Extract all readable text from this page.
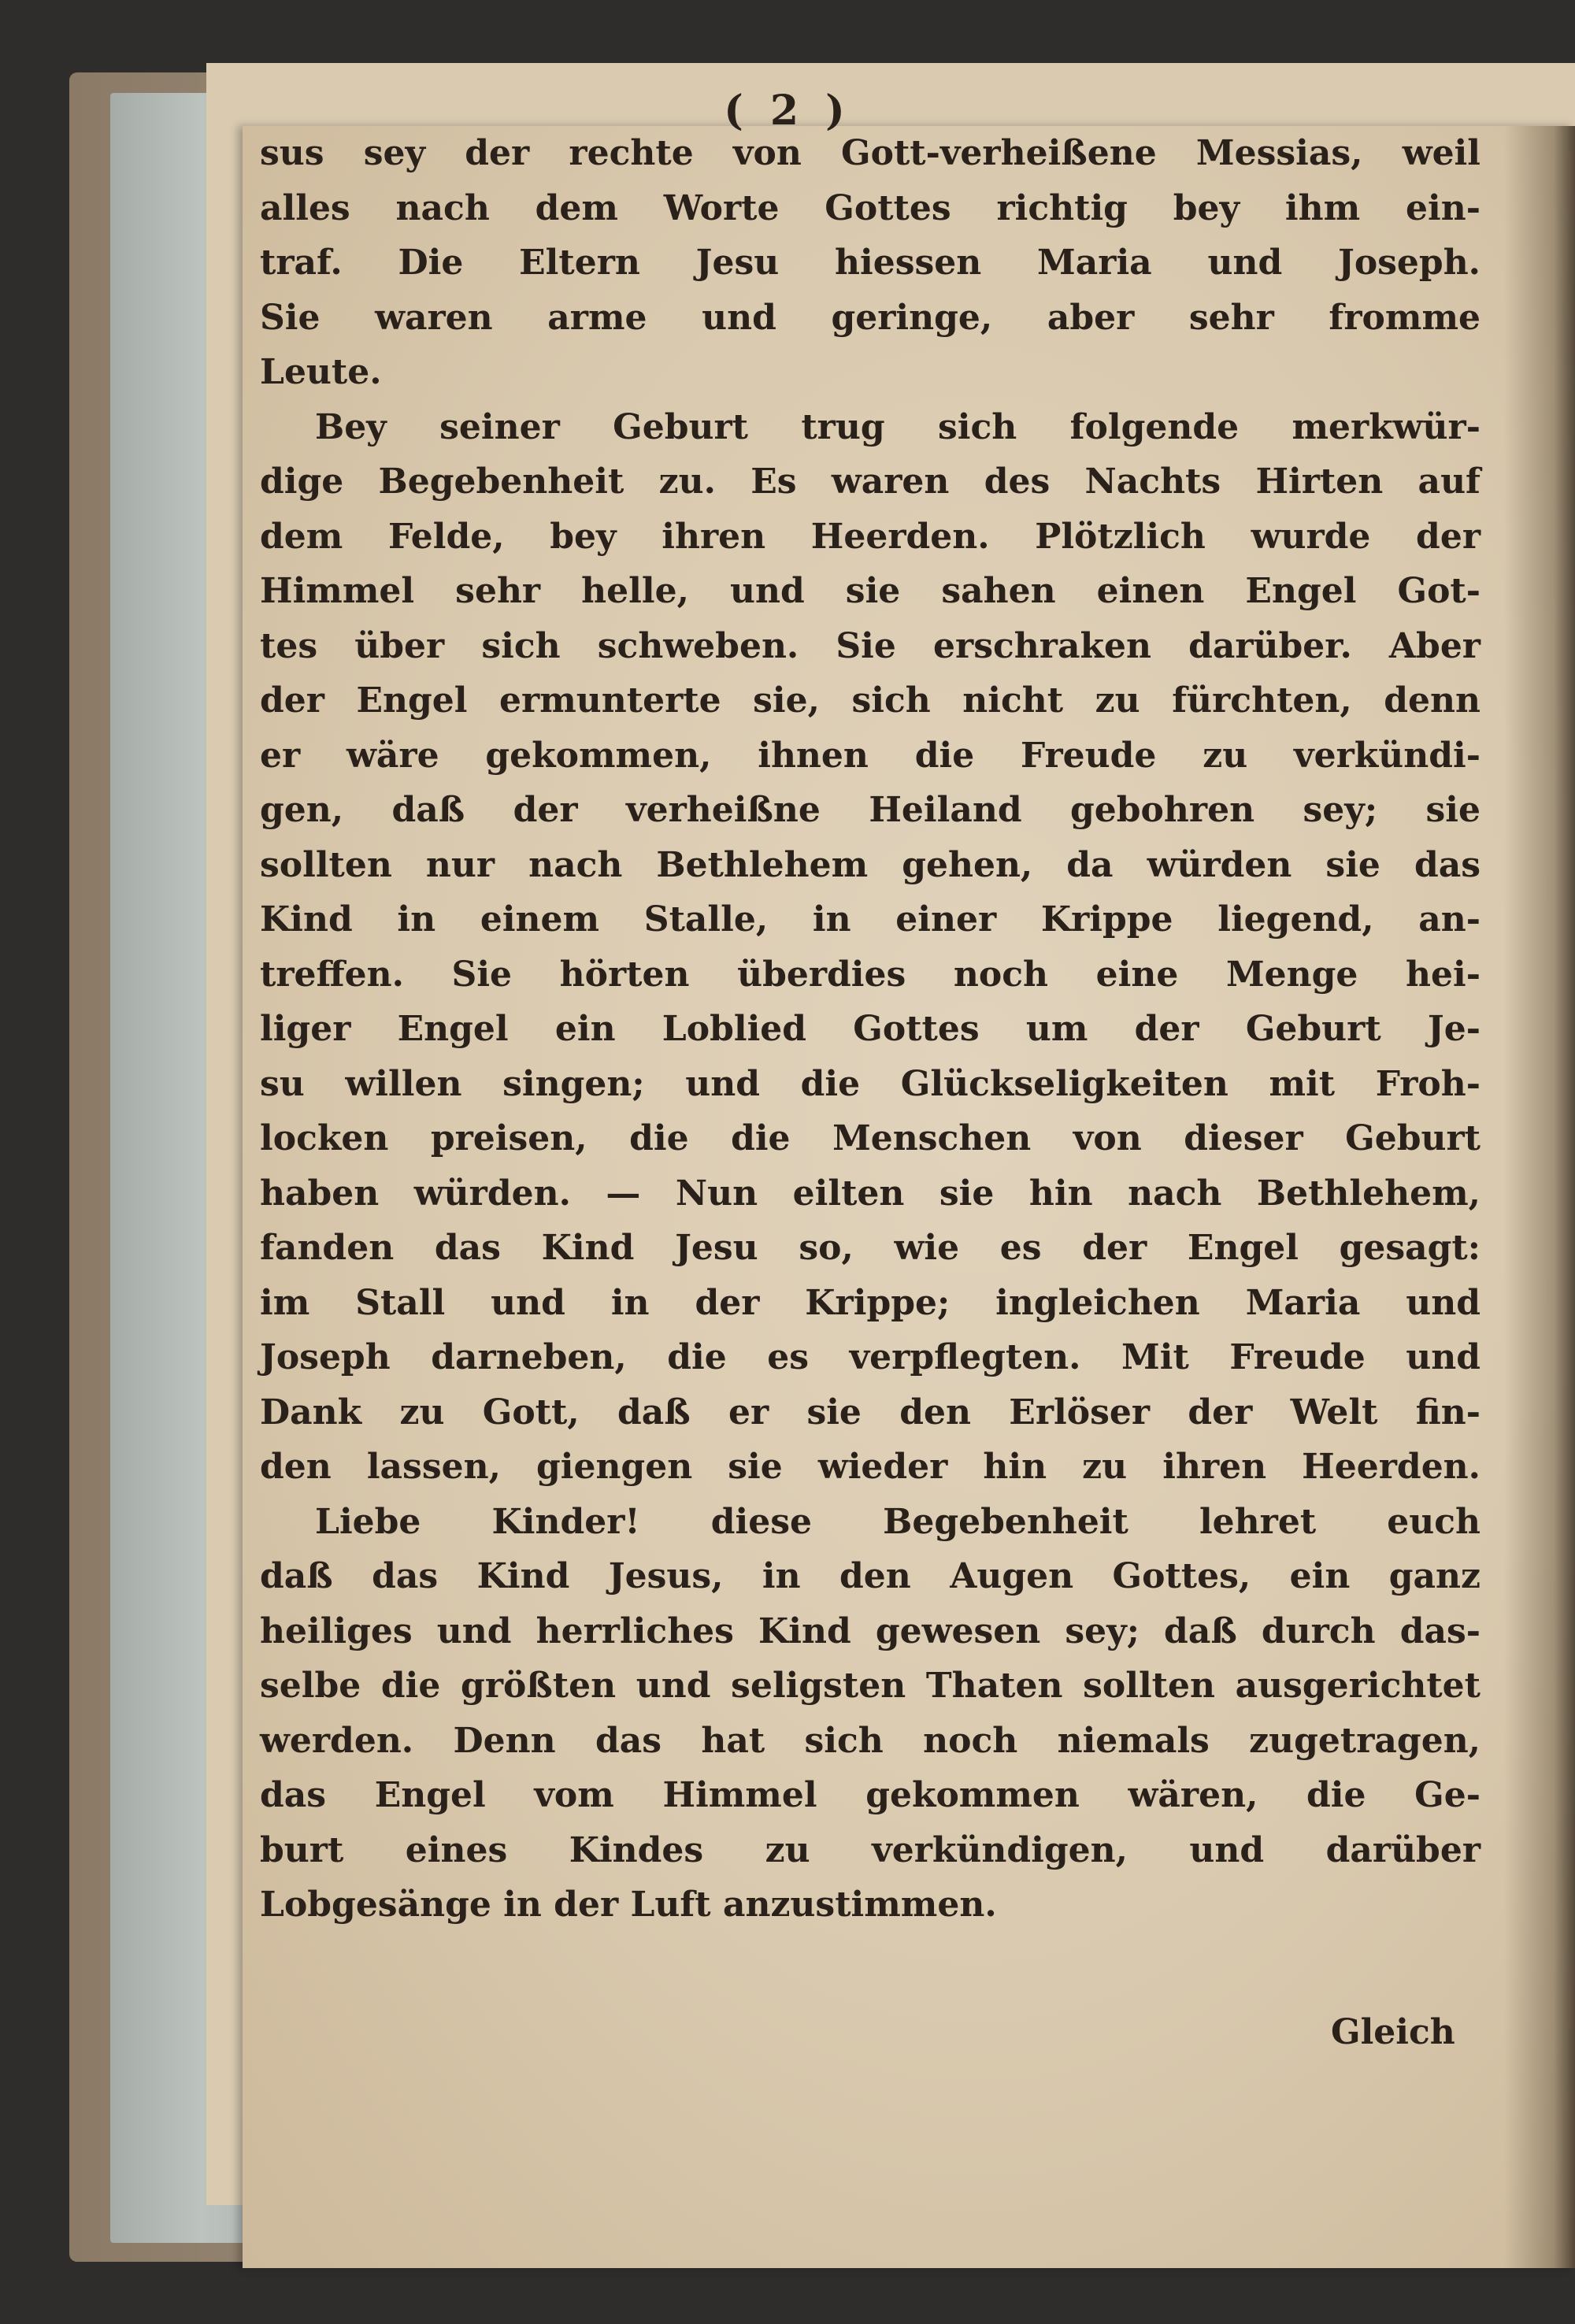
( 2 )
sus sey der rechte von Gott-verheißene Messias, weil
alles nach dem Worte Gottes richtig bey ihm ein-
traf. Die Eltern Jesu hiessen Maria und Joseph.
Sie waren arme und geringe, aber sehr fromme
Leute.
Bey seiner Geburt trug sich folgende merkwür-
dige Begebenheit zu. Es waren des Nachts Hirten auf
dem Felde, bey ihren Heerden. Plötzlich wurde der
Himmel sehr helle, und sie sahen einen Engel Got-
tes über sich schweben. Sie erschraken darüber. Aber
der Engel ermunterte sie, sich nicht zu fürchten, denn
er wäre gekommen, ihnen die Freude zu verkündi-
gen, daß der verheißne Heiland gebohren sey; sie
sollten nur nach Bethlehem gehen, da würden sie das
Kind in einem Stalle, in einer Krippe liegend, an-
treffen. Sie hörten überdies noch eine Menge hei-
liger Engel ein Loblied Gottes um der Geburt Je-
su willen singen; und die Glückseligkeiten mit Froh-
locken preisen, die die Menschen von dieser Geburt
haben würden. — Nun eilten sie hin nach Bethlehem,
fanden das Kind Jesu so, wie es der Engel gesagt:
im Stall und in der Krippe; ingleichen Maria und
Joseph darneben, die es verpflegten. Mit Freude und
Dank zu Gott, daß er sie den Erlöser der Welt fin-
den lassen, giengen sie wieder hin zu ihren Heerden.
Liebe Kinder! diese Begebenheit lehret euch
daß das Kind Jesus, in den Augen Gottes, ein ganz
heiliges und herrliches Kind gewesen sey; daß durch das-
selbe die größten und seligsten Thaten sollten ausgerichtet
werden. Denn das hat sich noch niemals zugetragen,
das Engel vom Himmel gekommen wären, die Ge-
burt eines Kindes zu verkündigen, und darüber
Lobgesänge in der Luft anzustimmen.
Gleich
